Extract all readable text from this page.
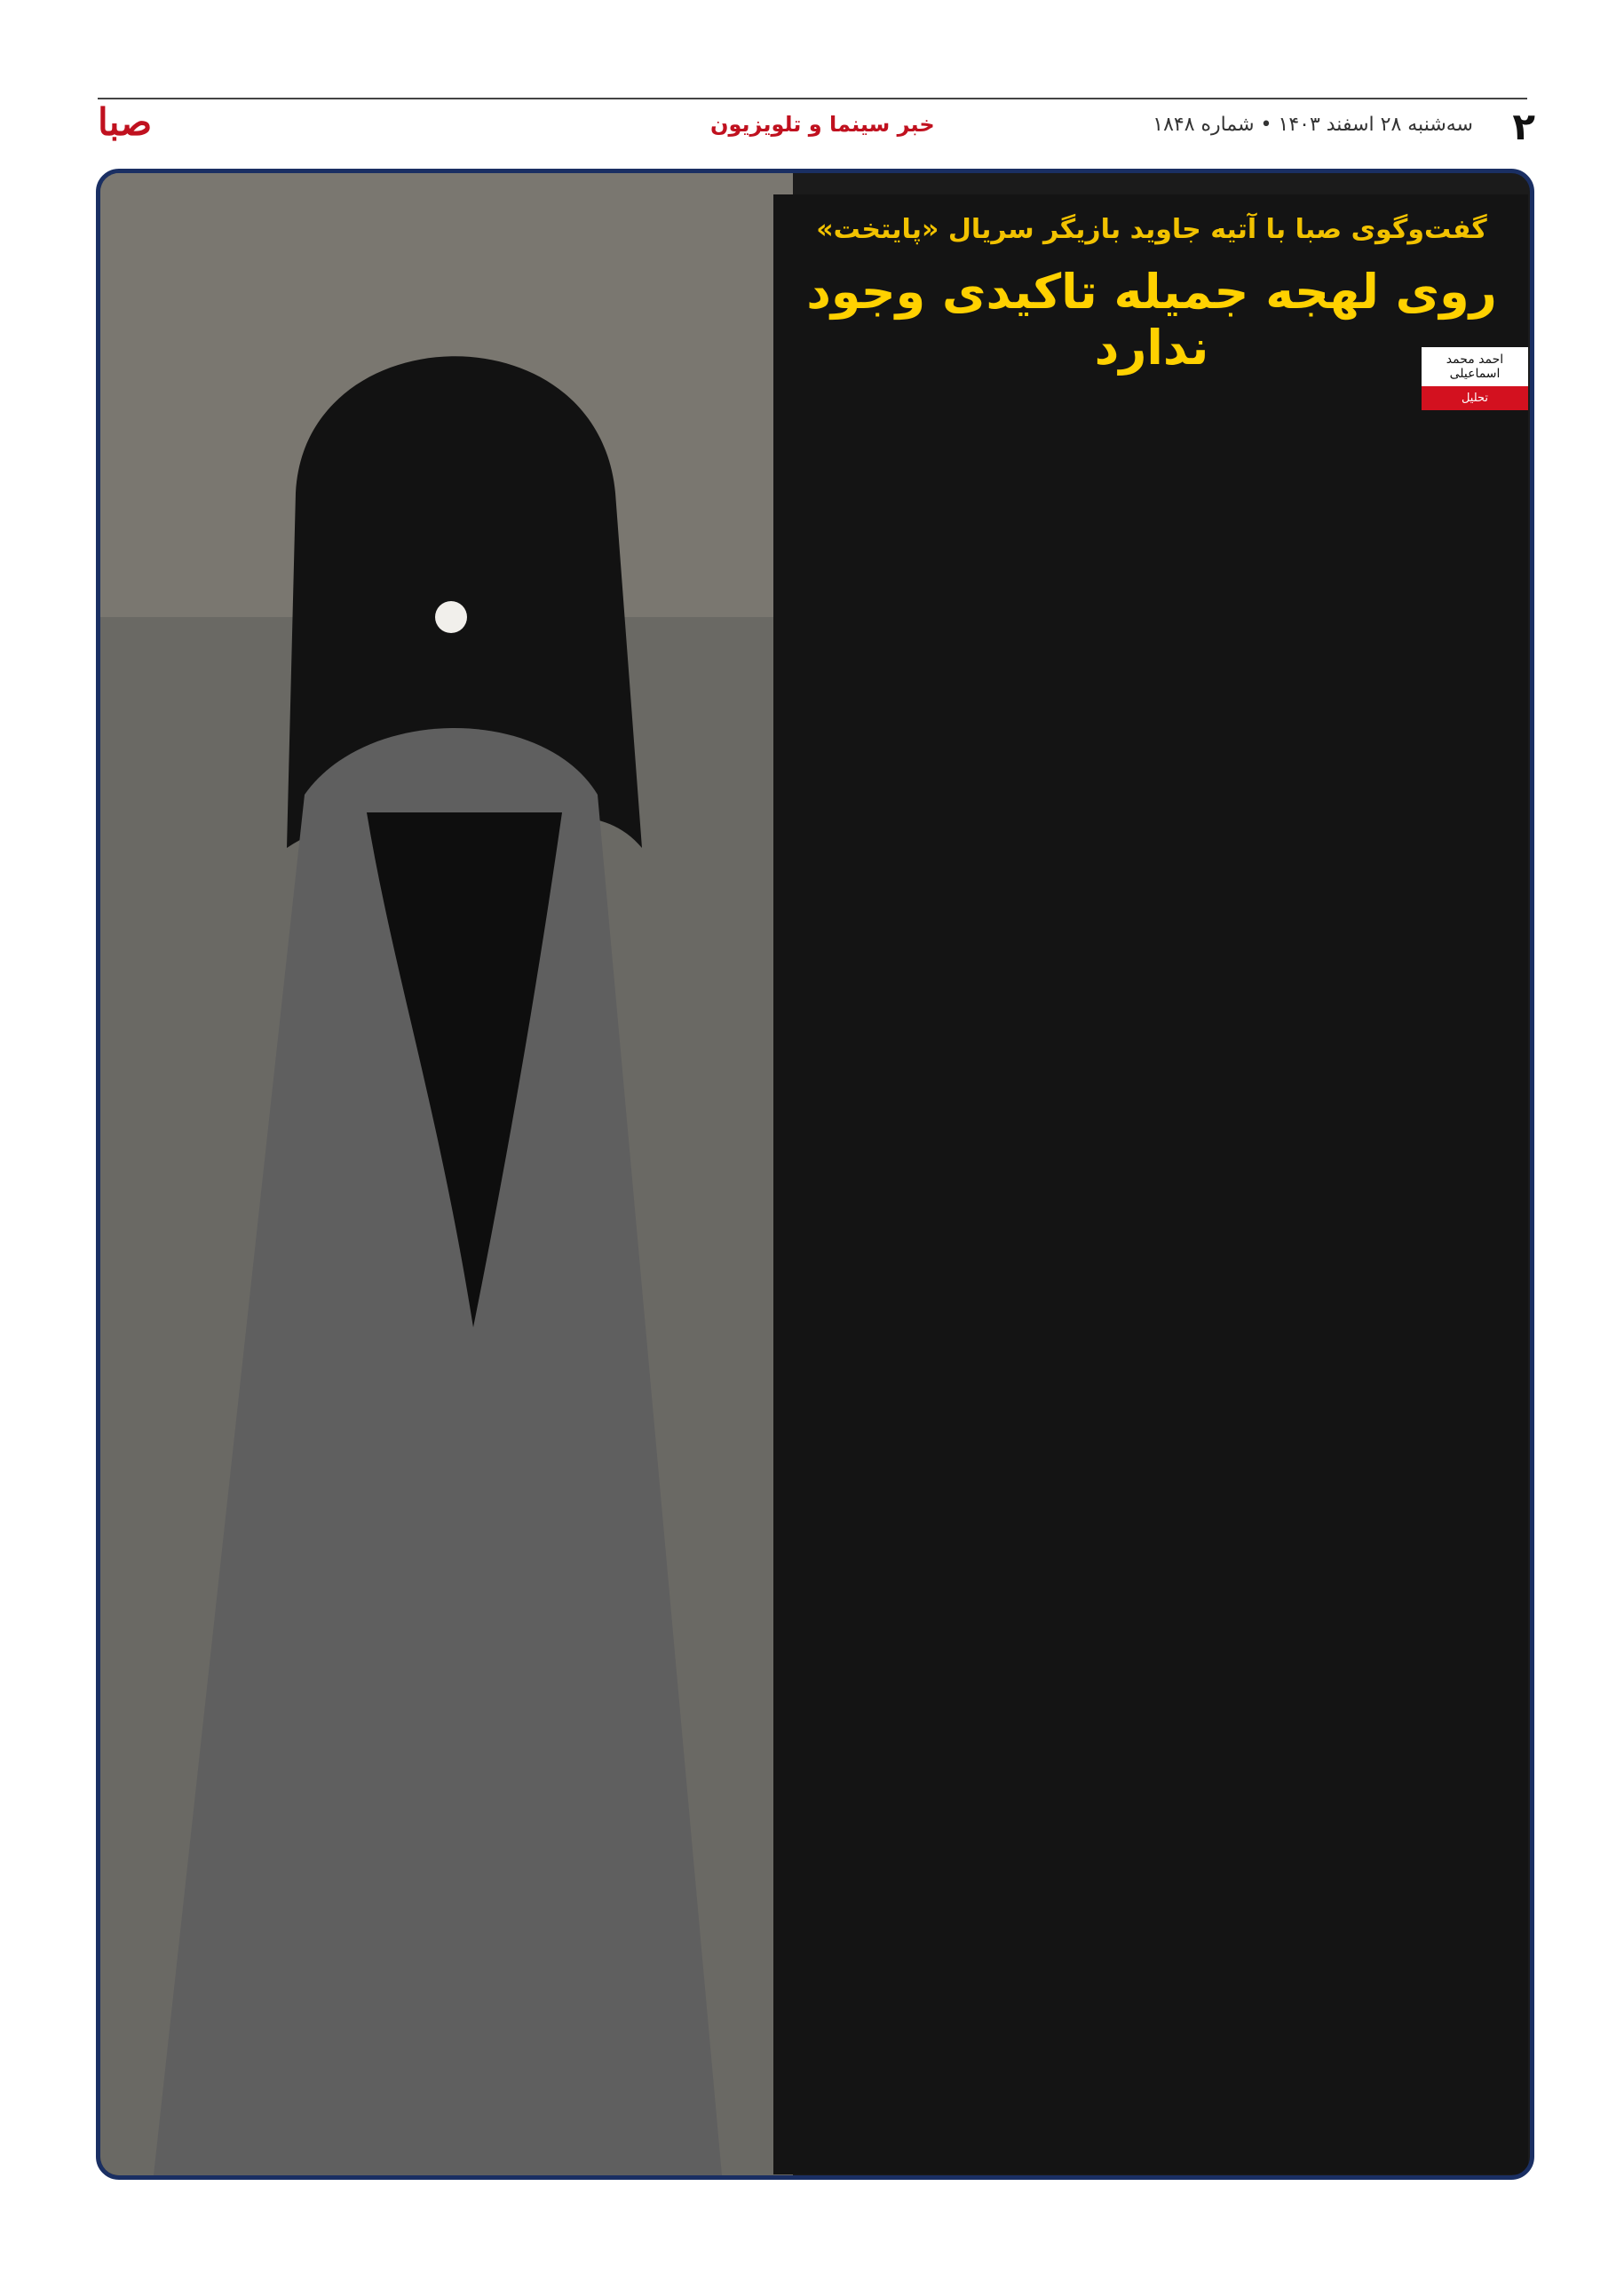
۲
سه‌شنبه ۲۸ اسفند ۱۴۰۳ • شماره ۱۸۴۸
خبر سینما و تلویزیون
صبا
گفت‌وگوی صبا با آتیه جاوید بازیگر سریال «پایتخت»
روی لهجه جمیله تاکیدی وجود ندارد	احمد محمد اسماعیلی
تحلیل
